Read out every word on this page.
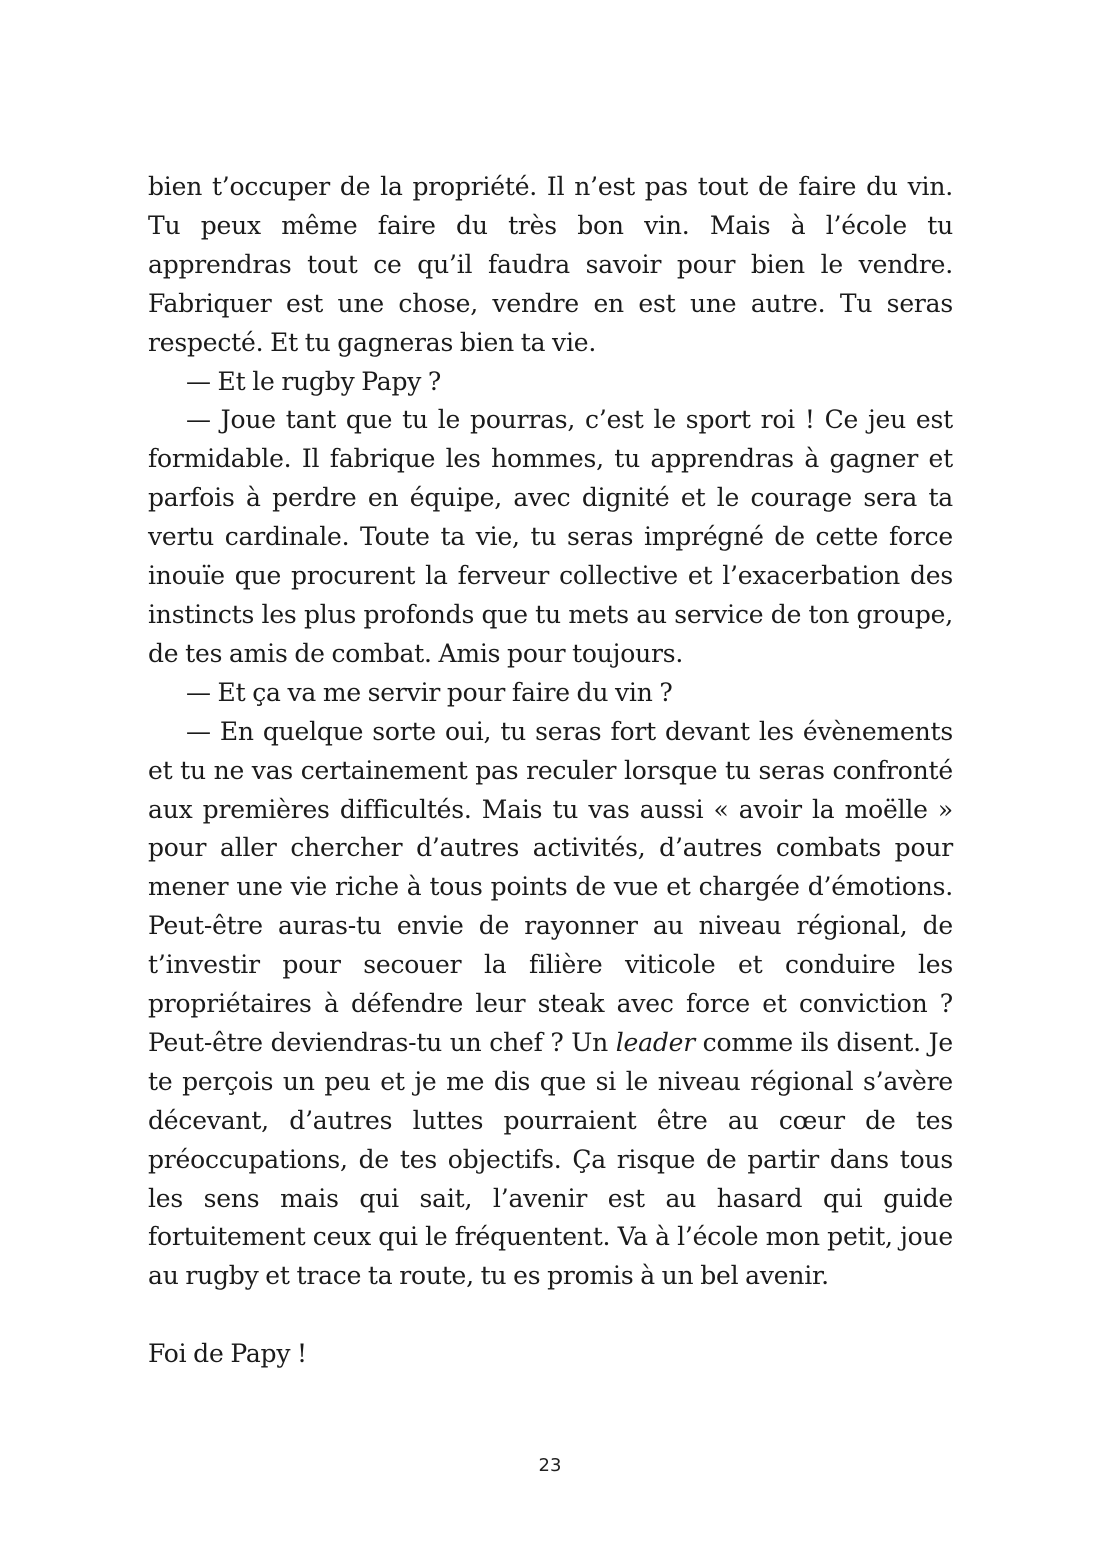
bien t’occuper de la propriété. Il n’est pas tout de faire du vin. Tu peux même faire du très bon vin. Mais à l’école tu apprendras tout ce qu’il faudra savoir pour bien le vendre. Fabriquer est une chose, vendre en est une autre. Tu seras respecté. Et tu gagneras bien ta vie.

— Et le rugby Papy ?

— Joue tant que tu le pourras, c’est le sport roi ! Ce jeu est formidable. Il fabrique les hommes, tu apprendras à gagner et parfois à perdre en équipe, avec dignité et le courage sera ta vertu cardinale. Toute ta vie, tu seras imprégné de cette force inouïe que procurent la ferveur collective et l’exacerbation des instincts les plus profonds que tu mets au service de ton groupe, de tes amis de combat. Amis pour toujours.

— Et ça va me servir pour faire du vin ?

— En quelque sorte oui, tu seras fort devant les évènements et tu ne vas certainement pas reculer lorsque tu seras confronté aux premières difficultés. Mais tu vas aussi « avoir la moëlle » pour aller chercher d’autres activités, d’autres combats pour mener une vie riche à tous points de vue et chargée d’émotions. Peut-être auras-tu envie de rayonner au niveau régional, de t’investir pour secouer la filière viticole et conduire les propriétaires à défendre leur steak avec force et conviction ? Peut-être deviendras-tu un chef ? Un leader comme ils disent. Je te perçois un peu et je me dis que si le niveau régional s’avère décevant, d’autres luttes pourraient être au cœur de tes préoccupations, de tes objectifs. Ça risque de partir dans tous les sens mais qui sait, l’avenir est au hasard qui guide fortuitement ceux qui le fréquentent. Va à l’école mon petit, joue au rugby et trace ta route, tu es promis à un bel avenir.

Foi de Papy !

23
